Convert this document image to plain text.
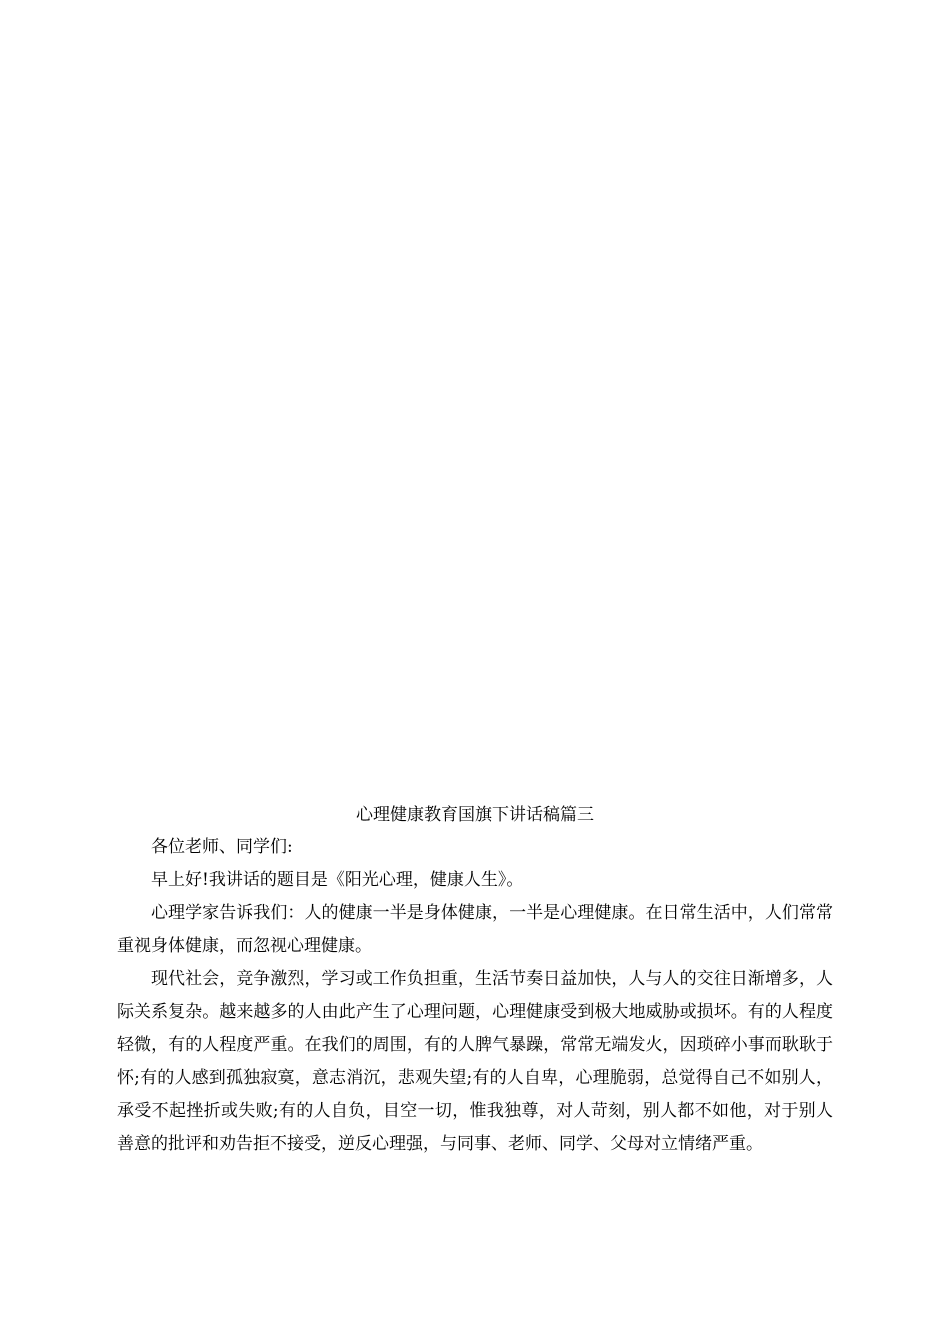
心理健康教育国旗下讲话稿篇三

各位老师、同学们:

早上好!我讲话的题目是《阳光心理，健康人生》。

心理学家告诉我们：人的健康一半是身体健康，一半是心理健康。在日常生活中，人们常常重视身体健康，而忽视心理健康。

现代社会，竞争激烈，学习或工作负担重，生活节奏日益加快，人与人的交往日渐增多，人际关系复杂。越来越多的人由此产生了心理问题，心理健康受到极大地威胁或损坏。有的人程度轻微，有的人程度严重。在我们的周围，有的人脾气暴躁，常常无端发火，因琐碎小事而耿耿于怀;有的人感到孤独寂寞，意志消沉，悲观失望;有的人自卑，心理脆弱，总觉得自己不如别人，承受不起挫折或失败;有的人自负，目空一切，惟我独尊，对人苛刻，别人都不如他，对于别人善意的批评和劝告拒不接受，逆反心理强，与同事、老师、同学、父母对立情绪严重。
